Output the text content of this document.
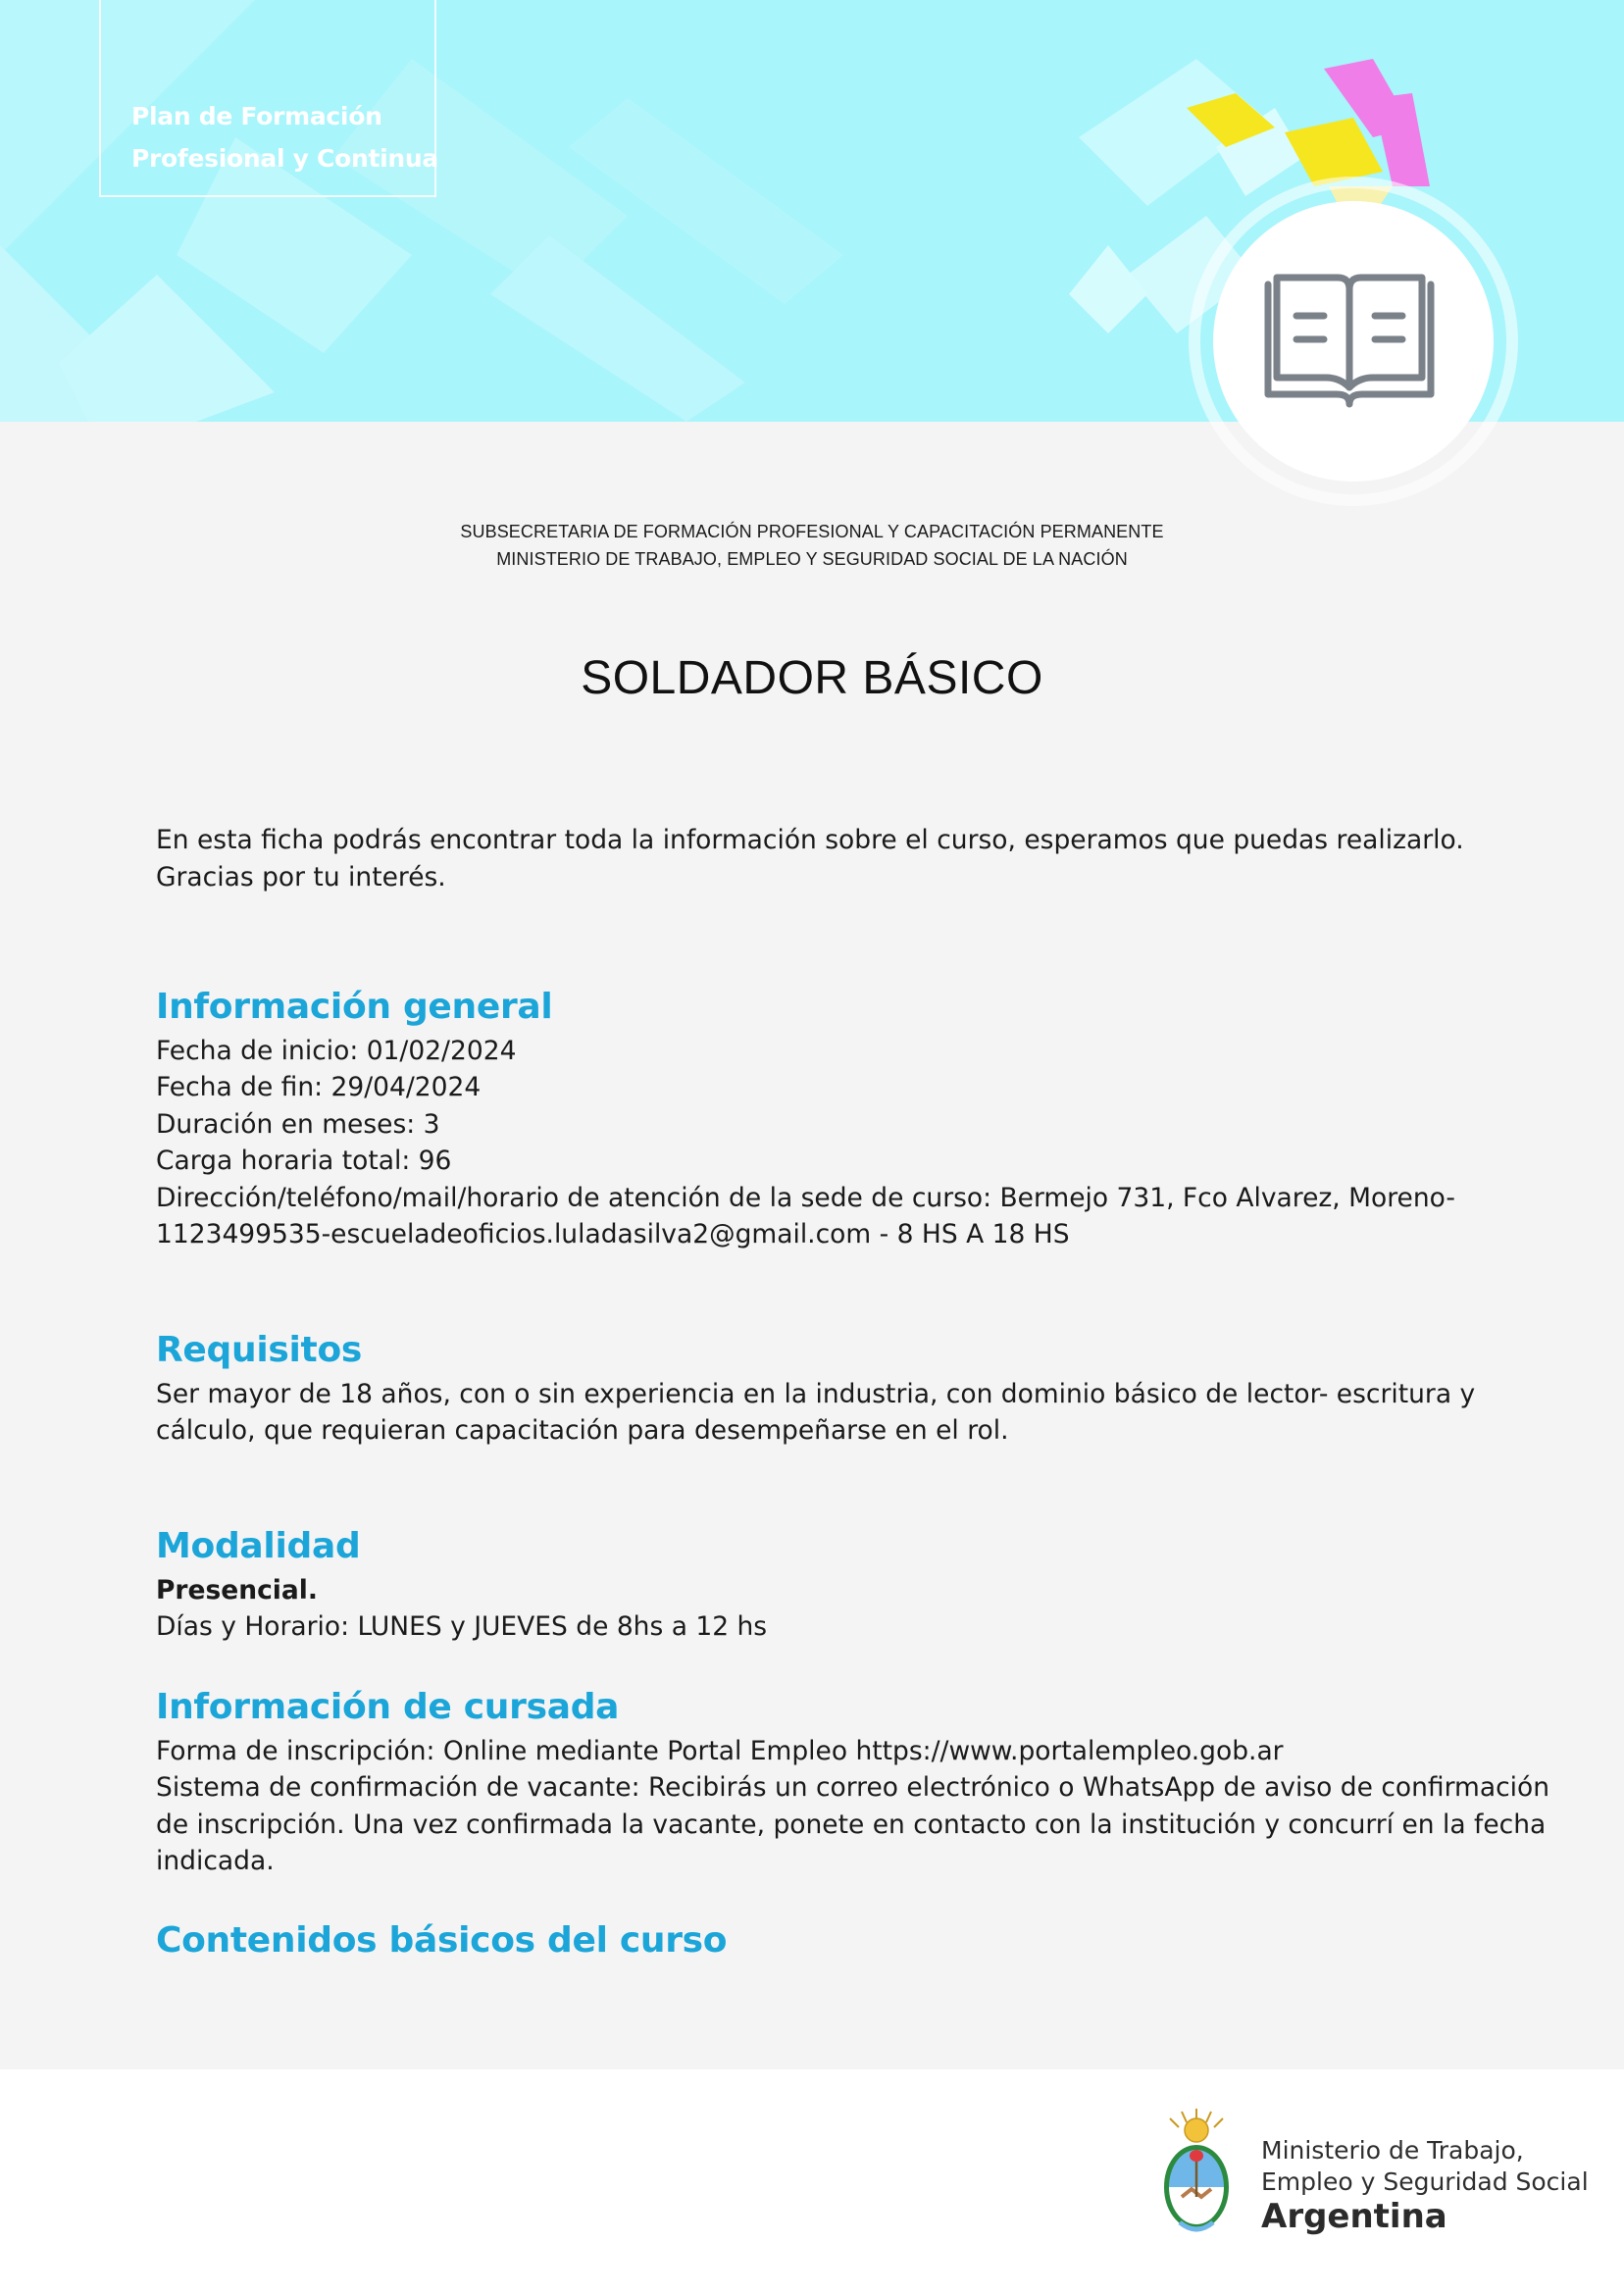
Plan de Formación
Profesional y Continua
SUBSECRETARIA DE FORMACIÓN PROFESIONAL Y CAPACITACIÓN PERMANENTE
MINISTERIO DE TRABAJO, EMPLEO Y SEGURIDAD SOCIAL DE LA NACIÓN
SOLDADOR BÁSICO

En esta ficha podrás encontrar toda la información sobre el curso, esperamos que puedas realizarlo. Gracias por tu interés.

Información general
Fecha de inicio: 01/02/2024
Fecha de fin: 29/04/2024
Duración en meses: 3
Carga horaria total: 96
Dirección/teléfono/mail/horario de atención de la sede de curso: Bermejo 731, Fco Alvarez, Moreno-
1123499535-escueladeoficios.luladasilva2@gmail.com - 8 HS A 18 HS
Requisitos
Ser mayor de 18 años, con o sin experiencia en la industria, con dominio básico de lector- escritura y
cálculo, que requieran capacitación para desempeñarse en el rol.
Modalidad
Presencial.
Días y Horario: LUNES y JUEVES de 8hs a 12 hs
Información de cursada
Forma de inscripción: Online mediante Portal Empleo https://www.portalempleo.gob.ar
Sistema de confirmación de vacante: Recibirás un correo electrónico o WhatsApp de aviso de confirmación
de inscripción. Una vez confirmada la vacante, ponete en contacto con la institución y concurrí en la fecha
indicada.
Contenidos básicos del curso
Ministerio de Trabajo,
Empleo y Seguridad Social
Argentina
